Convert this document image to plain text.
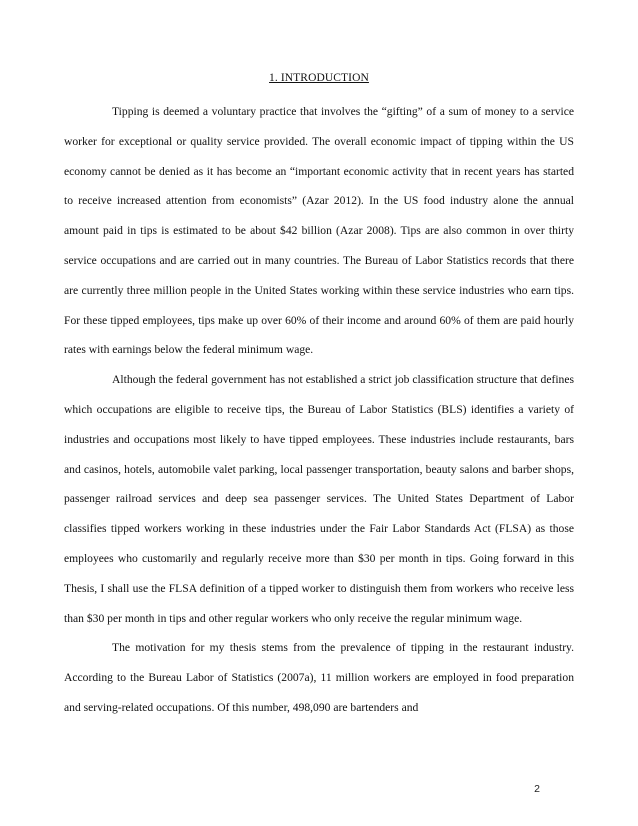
1. INTRODUCTION

Tipping is deemed a voluntary practice that involves the “gifting” of a sum of money to a service worker for exceptional or quality service provided. The overall economic impact of tipping within the US economy cannot be denied as it has become an “important economic activity that in recent years has started to receive increased attention from economists” (Azar 2012). In the US food industry alone the annual amount paid in tips is estimated to be about $42 billion (Azar 2008). Tips are also common in over thirty service occupations and are carried out in many countries. The Bureau of Labor Statistics records that there are currently three million people in the United States working within these service industries who earn tips. For these tipped employees, tips make up over 60% of their income and around 60% of them are paid hourly rates with earnings below the federal minimum wage.

Although the federal government has not established a strict job classification structure that defines which occupations are eligible to receive tips, the Bureau of Labor Statistics (BLS) identifies a variety of industries and occupations most likely to have tipped employees. These industries include restaurants, bars and casinos, hotels, automobile valet parking, local passenger transportation, beauty salons and barber shops, passenger railroad services and deep sea passenger services. The United States Department of Labor classifies tipped workers working in these industries under the Fair Labor Standards Act (FLSA) as those employees who customarily and regularly receive more than $30 per month in tips. Going forward in this Thesis, I shall use the FLSA definition of a tipped worker to distinguish them from workers who receive less than $30 per month in tips and other regular workers who only receive the regular minimum wage.

The motivation for my thesis stems from the prevalence of tipping in the restaurant industry. According to the Bureau Labor of Statistics (2007a), 11 million workers are employed in food preparation and serving-related occupations. Of this number, 498,090 are bartenders and

2
